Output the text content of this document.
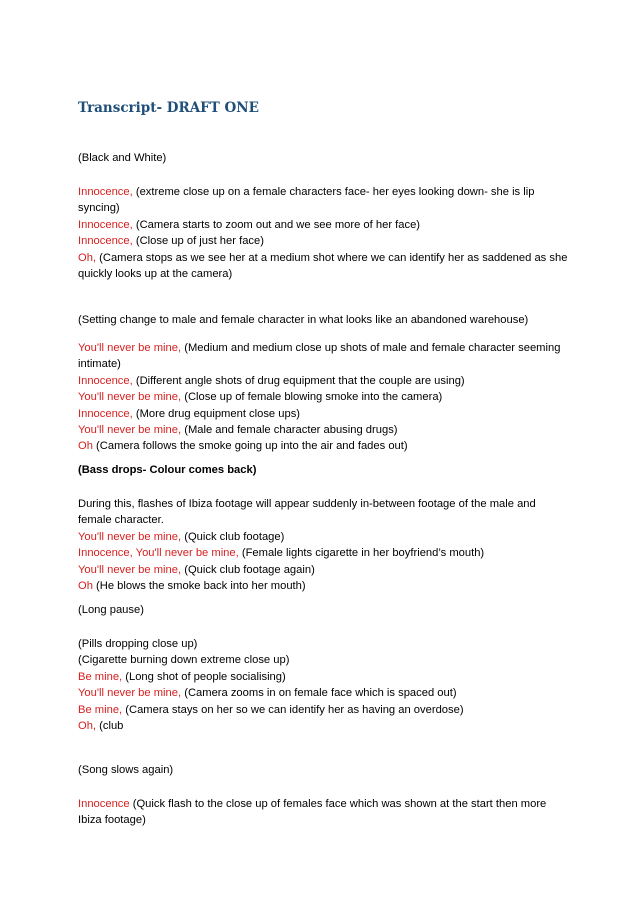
Transcript- DRAFT ONE
(Black and White)
Innocence, (extreme close up on a female characters face- her eyes looking down- she is lip syncing)
Innocence, (Camera starts to zoom out and we see more of her face)
Innocence, (Close up of just her face)
Oh, (Camera stops as we see her at a medium shot where we can identify her as saddened as she quickly looks up at the camera)
(Setting change to male and female character in what looks like an abandoned warehouse)
You'll never be mine, (Medium and medium close up shots of male and female character seeming intimate)
Innocence, (Different angle shots of drug equipment that the couple are using)
You'll never be mine, (Close up of female blowing smoke into the camera)
Innocence, (More drug equipment close ups)
You'll never be mine, (Male and female character abusing drugs)
Oh (Camera follows the smoke going up into the air and fades out)
(Bass drops- Colour comes back)
During this, flashes of Ibiza footage will appear suddenly in-between footage of the male and female character.
You'll never be mine, (Quick club footage)
Innocence, You'll never be mine, (Female lights cigarette in her boyfriend’s mouth)
You'll never be mine, (Quick club footage again)
Oh (He blows the smoke back into her mouth)
(Long pause)
(Pills dropping close up)
(Cigarette burning down extreme close up)
Be mine, (Long shot of people socialising)
You'll never be mine, (Camera zooms in on female face which is spaced out)
Be mine, (Camera stays on her so we can identify her as having an overdose)
Oh, (club
(Song slows again)
Innocence (Quick flash to the close up of females face which was shown at the start then more Ibiza footage)
